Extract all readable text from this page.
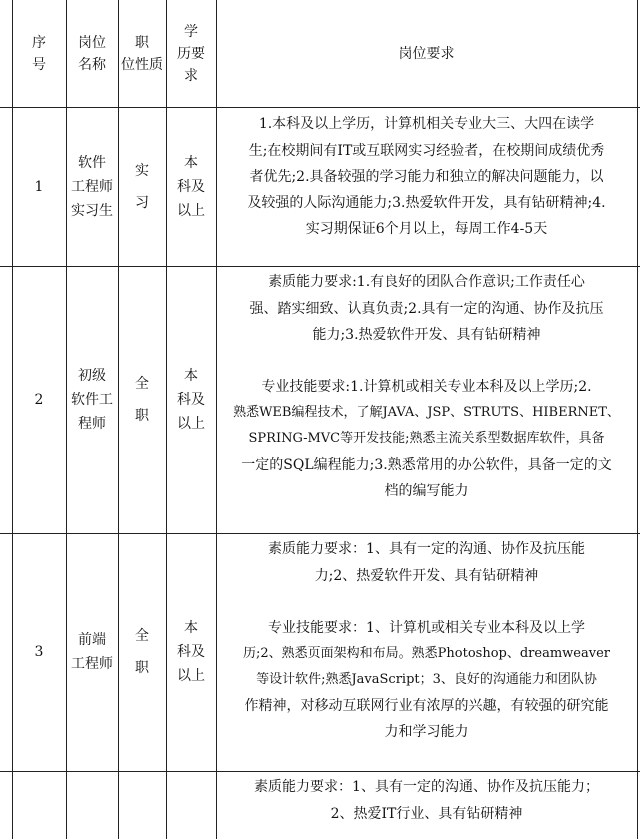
序
号
岗位
名称
职
位性质
学
历要
求
岗位要求
1
软件
工程师
实习生
实

习
本
科及
以上

1.本科及以上学历，计算机相关专业大三、大四在读学

生;在校期间有IT或互联网实习经验者，在校期间成绩优秀

者优先;2.具备较强的学习能力和独立的解决问题能力，以

及较强的人际沟通能力;3.热爱软件开发，具有钻研精神;4.

实习期保证6个月以上，每周工作4-5天

2
初级
软件工
程师
全

职
本
科及
以上

素质能力要求:1.有良好的团队合作意识;工作责任心

强、踏实细致、认真负责;2.具有一定的沟通、协作及抗压

能力;3.热爱软件开发、具有钻研精神

专业技能要求:1.计算机或相关专业本科及以上学历;2.

熟悉WEB编程技术，了解JAVA、JSP、STRUTS、HIBERNET、

SPRING-MVC等开发技能;熟悉主流关系型数据库软件，具备

一定的SQL编程能力;3.熟悉常用的办公软件，具备一定的文

档的编写能力

3
前端
工程师
全

职
本
科及
以上

素质能力要求：1、具有一定的沟通、协作及抗压能

力;2、热爱软件开发、具有钻研精神

专业技能要求：1、计算机或相关专业本科及以上学

历;2、熟悉页面架构和布局。熟悉Photoshop、dreamweaver

等设计软件;熟悉JavaScript；3、良好的沟通能力和团队协

作精神，对移动互联网行业有浓厚的兴趣，有较强的研究能

力和学习能力

素质能力要求：1、具有一定的沟通、协作及抗压能力；

2、热爱IT行业、具有钻研精神
